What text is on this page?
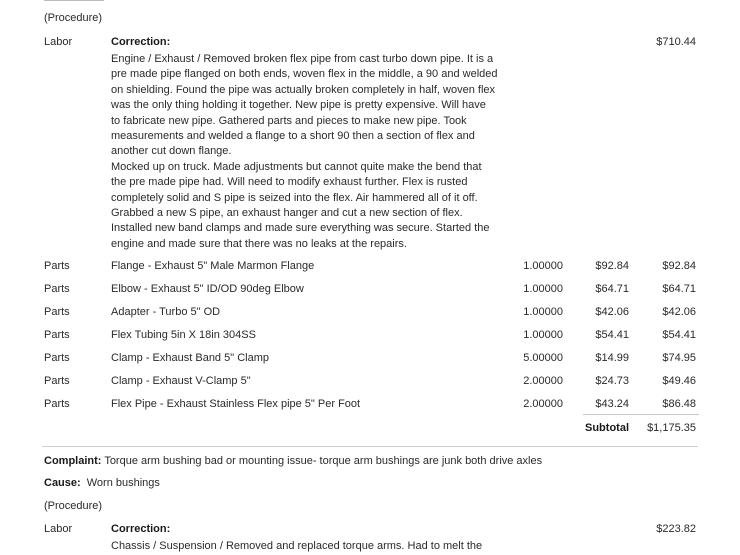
(Procedure)
Labor	Correction:	$710.44
Engine / Exhaust / Removed broken flex pipe from cast turbo down pipe. It is a
pre made pipe flanged on both ends, woven flex in the middle, a 90 and welded
on shielding. Found the pipe was actually broken completely in half, woven flex
was the only thing holding it together. New pipe is pretty expensive. Will have
to fabricate new pipe. Gathered parts and pieces to make new pipe. Took
measurements and welded a flange to a short 90 then a section of flex and
another cut down flange.
Mocked up on truck. Made adjustments but cannot quite make the bend that
the pre made pipe had. Will need to modify exhaust further. Flex is rusted
completely solid and S pipe is seized into the flex. Air hammered all of it off.
Grabbed a new S pipe, an exhaust hanger and cut a new section of flex.
Installed new band clamps and made sure everything was secure. Started the
engine and made sure that there was no leaks at the repairs.
Parts	Flange - Exhaust 5" Male Marmon Flange	1.00000	$92.84	$92.84
Parts	Elbow - Exhaust 5" ID/OD 90deg Elbow	1.00000	$64.71	$64.71
Parts	Adapter - Turbo 5" OD	1.00000	$42.06	$42.06
Parts	Flex Tubing 5in X 18in 304SS	1.00000	$54.41	$54.41
Parts	Clamp - Exhaust Band 5" Clamp	5.00000	$14.99	$74.95
Parts	Clamp - Exhaust V-Clamp 5"	2.00000	$24.73	$49.46
Parts	Flex Pipe - Exhaust Stainless Flex pipe 5" Per Foot	2.00000	$43.24	$86.48
Subtotal	$1,175.35
Complaint: Torque arm bushing bad or mounting issue- torque arm bushings are junk both drive axles
Cause: Worn bushings
(Procedure)
Labor	Correction:	$223.82
Chassis / Suspension / Removed and replaced torque arms. Had to melt the
